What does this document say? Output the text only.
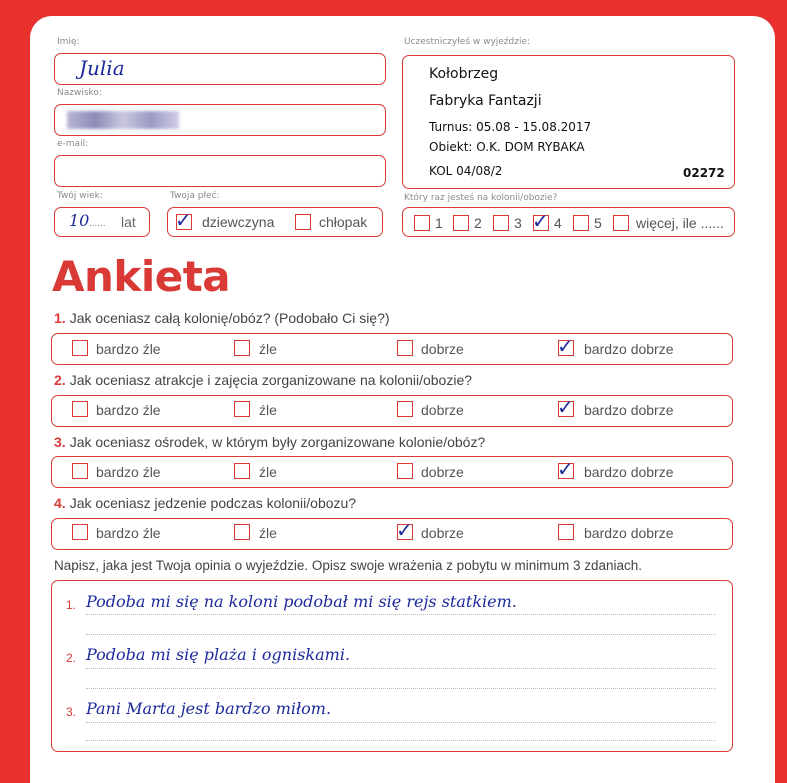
Imię:
Julia
Nazwisko:
e-mail:
Twój wiek:
10 ...... lat
Twoja płeć:
✓ dziewczyna	chłopak
Uczestniczyłeś w wyjeździe:
Kołobrzeg
Fabryka Fantazji
Turnus: 05.08 - 15.08.2017
Obiekt: O.K. DOM RYBAKA
KOL 04/08/2	02272
Który raz jesteś na kolonii/obozie?
1 2 3 ✓ 4 5 więcej, ile ......
Ankieta
1. Jak oceniasz całą kolonię/obóz? (Podobało Ci się?)
bardzo źle	źle	dobrze	✓ bardzo dobrze
2. Jak oceniasz atrakcje i zajęcia zorganizowane na kolonii/obozie?
bardzo źle	źle	dobrze	✓ bardzo dobrze
3. Jak oceniasz ośrodek, w którym były zorganizowane kolonie/obóz?
bardzo źle	źle	dobrze	✓ bardzo dobrze
4. Jak oceniasz jedzenie podczas kolonii/obozu?
bardzo źle	źle	✓ dobrze	bardzo dobrze
Napisz, jaka jest Twoja opinia o wyjeździe. Opisz swoje wrażenia z pobytu w minimum 3 zdaniach.
1. Podoba mi się na koloni podobał mi się rejs statkiem.
2. Podoba mi się plaża i ogniskami.
3. Pani Marta jest bardzo miłom.
